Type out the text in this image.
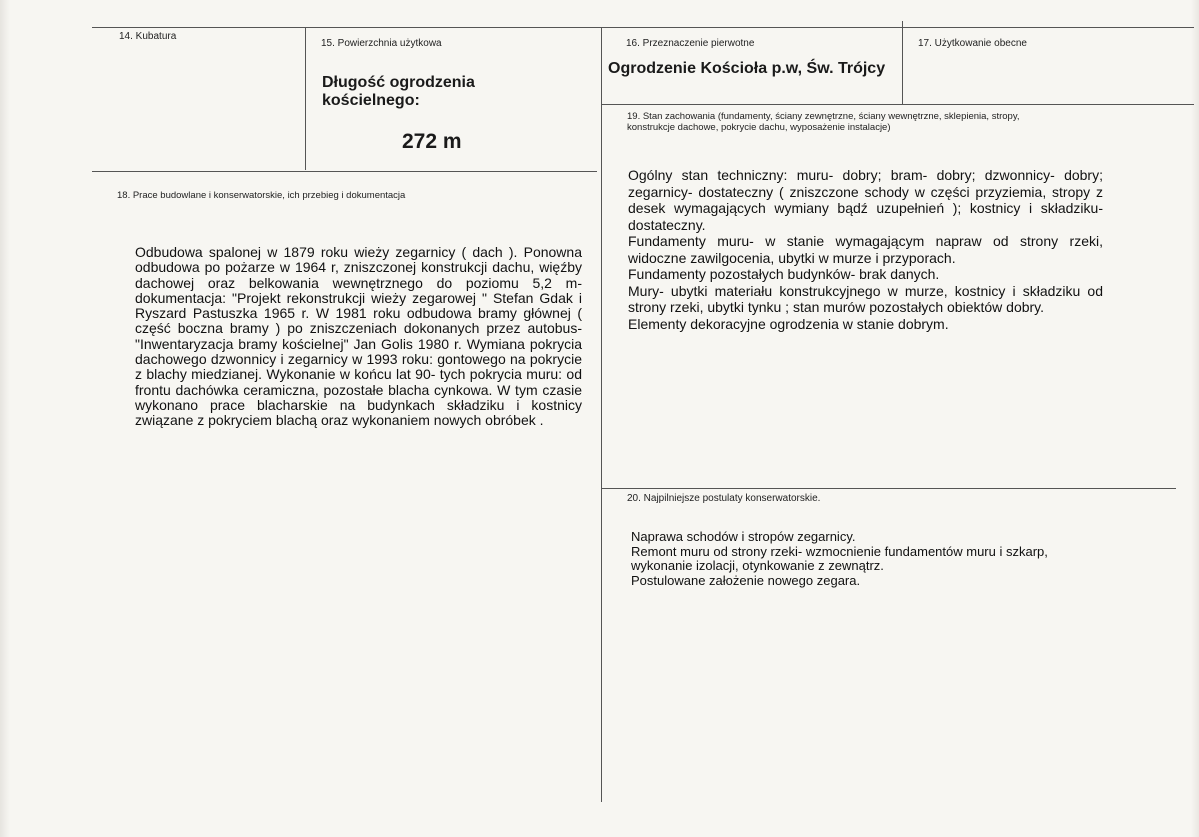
14. Kubatura
15. Powierzchnia użytkowa
Długość ogrodzenia
kościelnego:
272 m
16. Przeznaczenie pierwotne
Ogrodzenie Kościoła p.w, Św. Trójcy
17. Użytkowanie obecne
18. Prace budowlane i konserwatorskie, ich przebieg i dokumentacja
Odbudowa spalonej w 1879 roku wieży zegarnicy ( dach ). Ponowna odbudowa po pożarze w 1964 r, zniszczonej konstrukcji dachu, więźby dachowej oraz belkowania wewnętrznego do poziomu 5,2 m- dokumentacja: "Projekt rekonstrukcji wieży zegarowej " Stefan Gdak i Ryszard Pastuszka 1965 r. W 1981 roku odbudowa bramy głównej ( część boczna bramy ) po zniszczeniach dokonanych przez autobus- "Inwentaryzacja bramy kościelnej" Jan Golis 1980 r. Wymiana pokrycia dachowego dzwonnicy i zegarnicy w 1993 roku: gontowego na pokrycie z blachy miedzianej. Wykonanie w końcu lat 90- tych pokrycia muru: od frontu dachówka ceramiczna, pozostałe blacha cynkowa. W tym czasie wykonano prace blacharskie na budynkach składziku i kostnicy związane z pokryciem blachą oraz wykonaniem nowych obróbek .
19. Stan zachowania (fundamenty, ściany zewnętrzne, ściany wewnętrzne, sklepienia, stropy,
konstrukcje dachowe, pokrycie dachu, wyposażenie instalacje)
Ogólny stan techniczny: muru- dobry; bram- dobry; dzwonnicy- dobry; zegarnicy- dostateczny ( zniszczone schody w części przyziemia, stropy z desek wymagających wymiany bądź uzupełnień ); kostnicy i składziku- dostateczny.
Fundamenty muru- w stanie wymagającym napraw od strony rzeki, widoczne zawilgocenia, ubytki w murze i przyporach.
Fundamenty pozostałych budynków- brak danych.
Mury- ubytki materiału konstrukcyjnego w murze, kostnicy i składziku od strony rzeki, ubytki tynku ; stan murów pozostałych obiektów dobry.
Elementy dekoracyjne ogrodzenia w stanie dobrym.
20. Najpilniejsze postulaty konserwatorskie.
Naprawa schodów i stropów zegarnicy.
Remont muru od strony rzeki- wzmocnienie fundamentów muru i szkarp, wykonanie izolacji, otynkowanie z zewnątrz.
Postulowane założenie nowego zegara.
